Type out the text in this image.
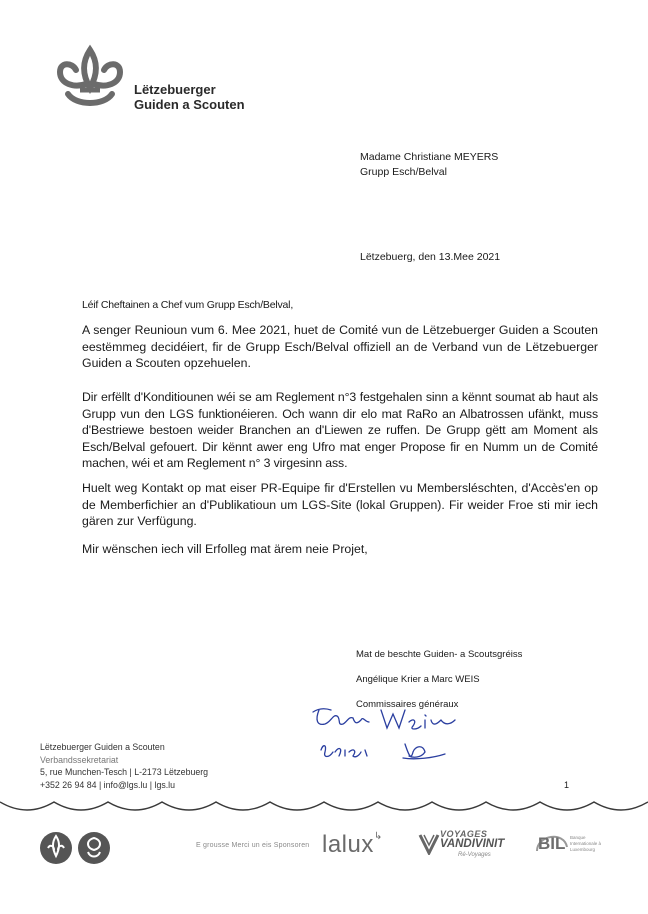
Lëtzebuerger
Guiden a Scouten
Madame Christiane MEYERS
Grupp Esch/Belval
Lëtzebuerg, den 13.Mee 2021
Léif Cheftainen a Chef vum Grupp Esch/Belval,

A senger Reunioun vum 6. Mee 2021, huet de Comité vun de Lëtzebuerger Guiden a Scouten eestëmmeg decidéiert, fir de Grupp Esch/Belval offiziell an de Verband vun de Lëtzebuerger Guiden a Scouten opzehuelen.

Dir erfëllt d'Konditiounen wéi se am Reglement n°3 festgehalen sinn a kënnt soumat ab haut als Grupp vun den LGS funktionéieren. Och wann dir elo mat RaRo an Albatrossen ufänkt, muss d'Bestriewe bestoen weider Branchen an d'Liewen ze ruffen. De Grupp gëtt am Moment als Esch/Belval gefouert. Dir kënnt awer eng Ufro mat enger Propose fir en Numm un de Comité machen, wéi et am Reglement n° 3 virgesinn ass.

Huelt weg Kontakt op mat eiser PR-Equipe fir d'Erstellen vu Membersléschten, d'Accès'en op de Memberfichier an d'Publikatioun um LGS-Site (lokal Gruppen). Fir weider Froe sti mir iech gären zur Verfügung.

Mir wënschen iech vill Erfolleg mat ärem neie Projet,

Mat de beschte Guiden- a Scoutsgréiss
Angélique Krier a Marc WEIS
Commissaires généraux
Lëtzebuerger Guiden a Scouten
Verbandssekretariat
5, rue Munchen-Tesch | L-2173 Lëtzebuerg
+352 26 94 84 | info@lgs.lu | lgs.lu	1
E grousse Merci un eis Sponsoren lalux↳	VOYAGES
VANDIVINIT
Ré-Voyages
BIL Banque Internationale à Luxembourg
